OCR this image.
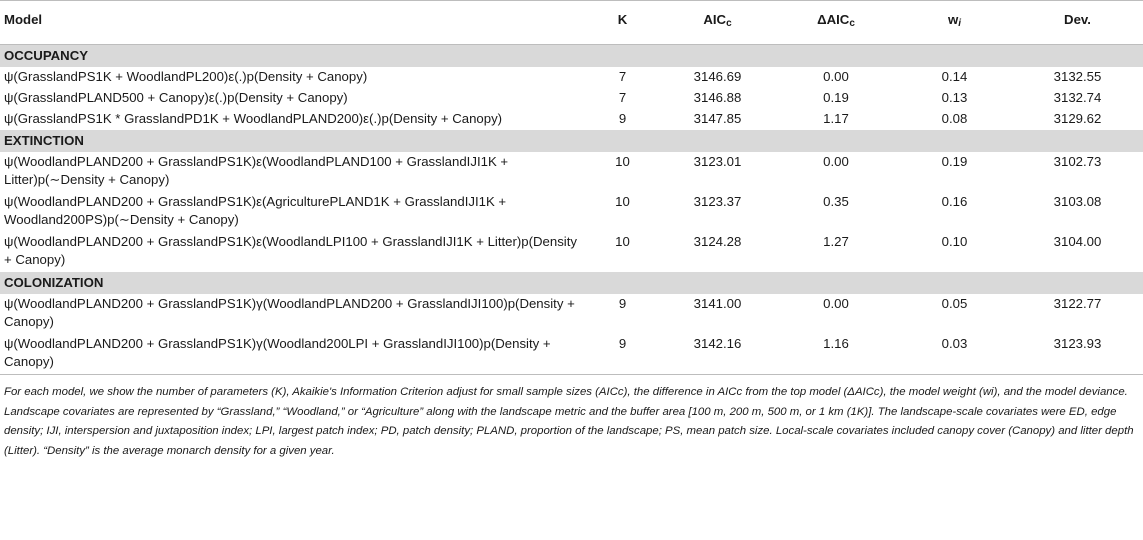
Model	K	$AIC_c$	$\Delta AIC_c$	$w_i$	Dev.
OCCUPANCY					
ψ(GrasslandPS1K + WoodlandPL200)ε(.)p(Density + Canopy)	7	3146.69	0.00	0.14	3132.55
ψ(GrasslandPLAND500 + Canopy)ε(.)p(Density + Canopy)	7	3146.88	0.19	0.13	3132.74
ψ(GrasslandPS1K * GrasslandPD1K + WoodlandPLAND200)ε(.)p(Density + Canopy)	9	3147.85	1.17	0.08	3129.62
EXTINCTION					
ψ(WoodlandPLAND200 + GrasslandPS1K)ε(WoodlandPLAND100 + GrasslandIJI1K + Litter)p(∼Density + Canopy)	10	3123.01	0.00	0.19	3102.73
ψ(WoodlandPLAND200 + GrasslandPS1K)ε(AgriculturePLAND1K + GrasslandIJI1K + Woodland200PS)p(∼Density + Canopy)	10	3123.37	0.35	0.16	3103.08
ψ(WoodlandPLAND200 + GrasslandPS1K)ε(WoodlandLPI100 + GrasslandIJI1K + Litter)p(Density + Canopy)	10	3124.28	1.27	0.10	3104.00
COLONIZATION					
ψ(WoodlandPLAND200 + GrasslandPS1K)γ(WoodlandPLAND200 + GrasslandIJI100)p(Density + Canopy)	9	3141.00	0.00	0.05	3122.77
ψ(WoodlandPLAND200 + GrasslandPS1K)γ(Woodland200LPI + GrasslandIJI100)p(Density + Canopy)	9	3142.16	1.16	0.03	3123.93
For each model, we show the number of parameters (K), Akaikie's Information Criterion adjust for small sample sizes (AICc), the difference in AICc from the top model (ΔAICc), the model weight (wi), and the model deviance. Landscape covariates are represented by “Grassland,” “Woodland,” or “Agriculture” along with the landscape metric and the buffer area [100 m, 200 m, 500 m, or 1 km (1K)]. The landscape-scale covariates were ED, edge density; IJI, interspersion and juxtaposition index; LPI, largest patch index; PD, patch density; PLAND, proportion of the landscape; PS, mean patch size. Local-scale covariates included canopy cover (Canopy) and litter depth (Litter). “Density” is the average monarch density for a given year.
